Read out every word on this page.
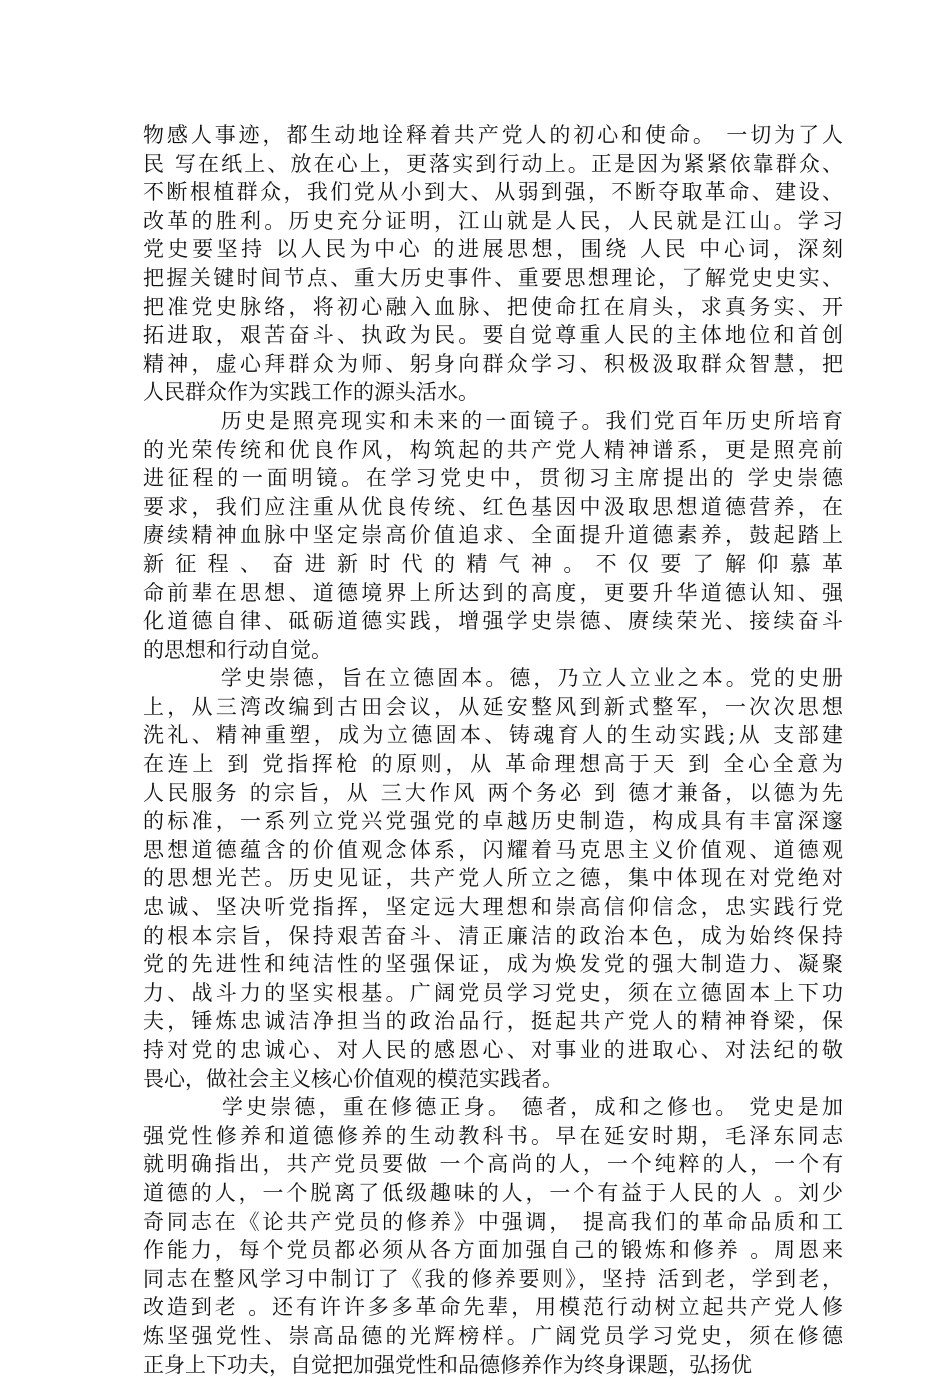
物感人事迹，都生动地诠释着共产党人的初心和使命。 一切为了人
民 写在纸上、放在心上，更落实到行动上。正是因为紧紧依靠群众、
不断根植群众，我们党从小到大、从弱到强，不断夺取革命、建设、
改革的胜利。历史充分证明，江山就是人民，人民就是江山。学习
党史要坚持 以人民为中心 的进展思想，围绕 人民 中心词，深刻
把握关键时间节点、重大历史事件、重要思想理论，了解党史史实、
把准党史脉络，将初心融入血脉、把使命扛在肩头，求真务实、开
拓进取，艰苦奋斗、执政为民。要自觉尊重人民的主体地位和首创
精神，虚心拜群众为师、躬身向群众学习、积极汲取群众智慧，把
人民群众作为实践工作的源头活水。
历史是照亮现实和未来的一面镜子。我们党百年历史所培育
的光荣传统和优良作风，构筑起的共产党人精神谱系，更是照亮前
进征程的一面明镜。在学习党史中，贯彻习主席提出的 学史崇德
要求，我们应注重从优良传统、红色基因中汲取思想道德营养，在
赓续精神血脉中坚定崇高价值追求、全面提升道德素养，鼓起踏上
新征程、奋进新时代的精气神。不仅要了解仰慕革
命前辈在思想、道德境界上所达到的高度，更要升华道德认知、强
化道德自律、砥砺道德实践，增强学史崇德、赓续荣光、接续奋斗
的思想和行动自觉。
学史崇德，旨在立德固本。德，乃立人立业之本。党的史册
上，从三湾改编到古田会议，从延安整风到新式整军，一次次思想
洗礼、精神重塑，成为立德固本、铸魂育人的生动实践;从 支部建
在连上 到 党指挥枪 的原则，从 革命理想高于天 到 全心全意为
人民服务 的宗旨，从 三大作风 两个务必 到 德才兼备，以德为先
的标准，一系列立党兴党强党的卓越历史制造，构成具有丰富深邃
思想道德蕴含的价值观念体系，闪耀着马克思主义价值观、道德观
的思想光芒。历史见证，共产党人所立之德，集中体现在对党绝对
忠诚、坚决听党指挥，坚定远大理想和崇高信仰信念，忠实践行党
的根本宗旨，保持艰苦奋斗、清正廉洁的政治本色，成为始终保持
党的先进性和纯洁性的坚强保证，成为焕发党的强大制造力、凝聚
力、战斗力的坚实根基。广阔党员学习党史，须在立德固本上下功
夫，锤炼忠诚洁净担当的政治品行，挺起共产党人的精神脊梁，保
持对党的忠诚心、对人民的感恩心、对事业的进取心、对法纪的敬
畏心，做社会主义核心价值观的模范实践者。
学史崇德，重在修德正身。 德者，成和之修也。 党史是加
强党性修养和道德修养的生动教科书。早在延安时期，毛泽东同志
就明确指出，共产党员要做 一个高尚的人，一个纯粹的人，一个有
道德的人，一个脱离了低级趣味的人，一个有益于人民的人 。刘少
奇同志在《论共产党员的修养》中强调， 提高我们的革命品质和工
作能力，每个党员都必须从各方面加强自己的锻炼和修养 。周恩来
同志在整风学习中制订了《我的修养要则》，坚持 活到老，学到老，
改造到老 。还有许许多多革命先辈，用模范行动树立起共产党人修
炼坚强党性、崇高品德的光辉榜样。广阔党员学习党史，须在修德
正身上下功夫，自觉把加强党性和品德修养作为终身课题，弘扬优
